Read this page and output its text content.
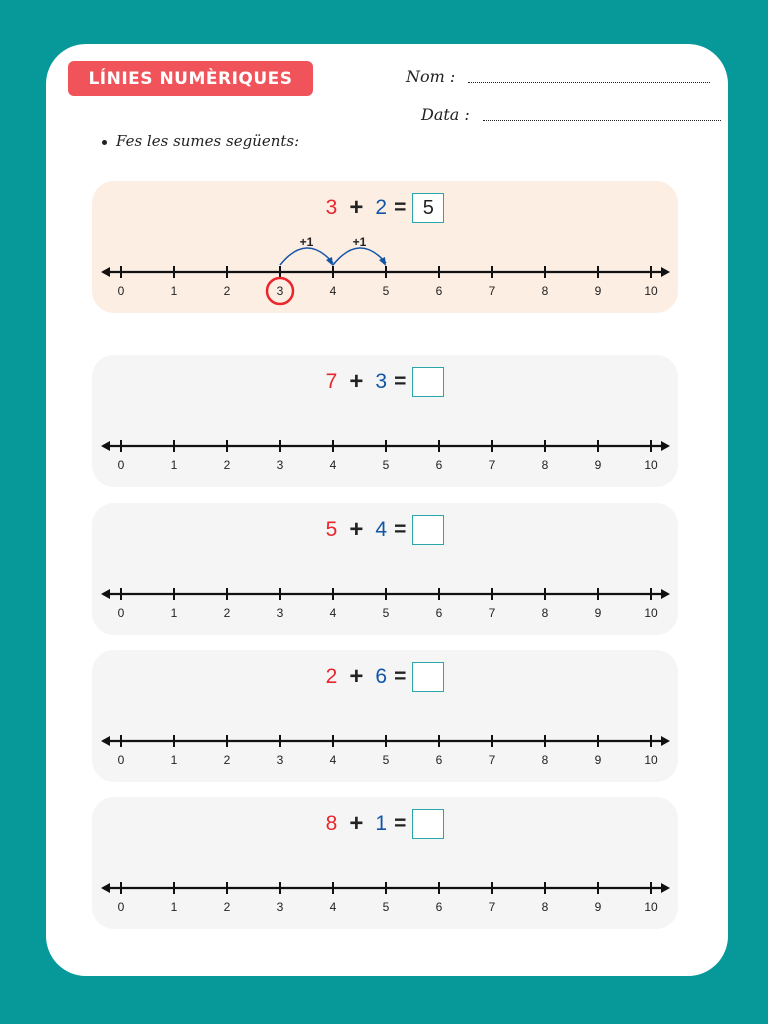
LÍNIES NUMÈRIQUES	Nom :
Data :
Fes les sumes següents:
3 + 2 = 5
0	1	2	3	4	5	6	7	8	9	10
+1	+1
7 + 3 =
0	1	2	3	4	5	6	7	8	9	10
5 + 4 =
0	1	2	3	4	5	6	7	8	9	10
2 + 6 =
0	1	2	3	4	5	6	7	8	9	10
8 + 1 =
0	1	2	3	4	5	6	7	8	9	10
